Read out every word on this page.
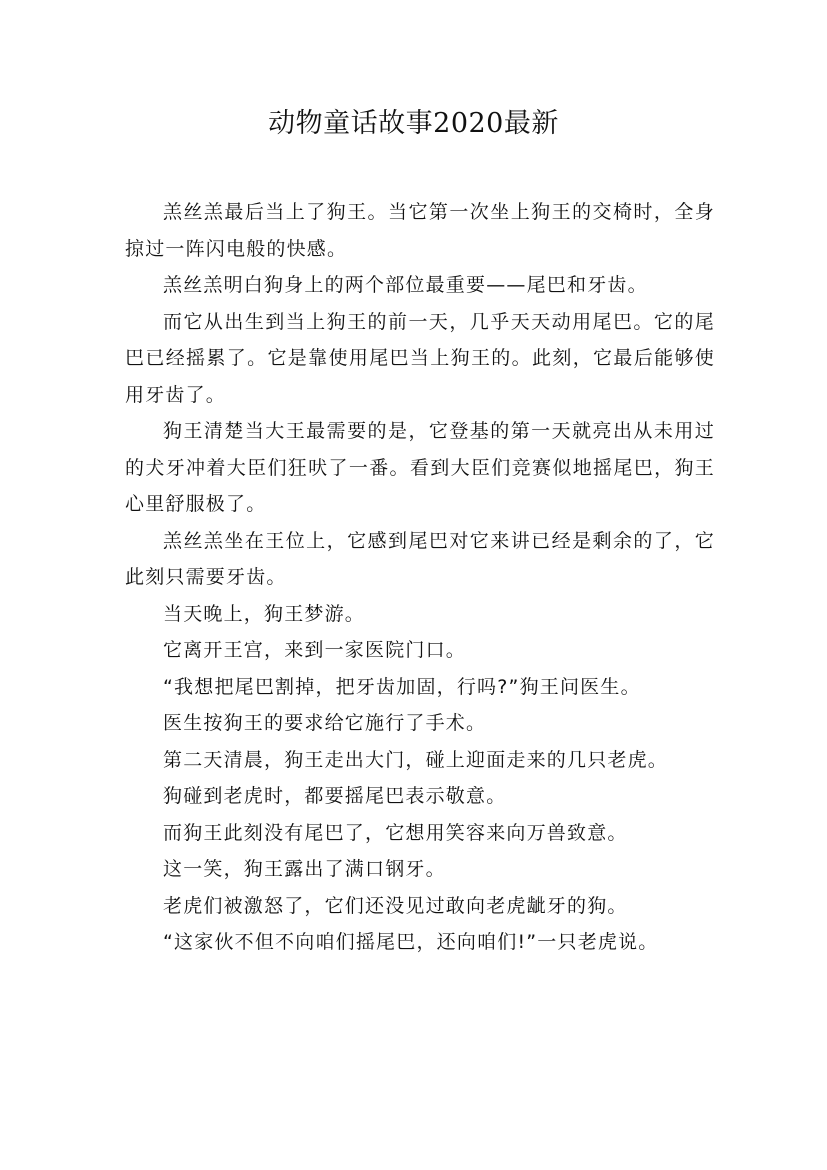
动物童话故事2020最新

羔丝羔最后当上了狗王。当它第一次坐上狗王的交椅时，全身掠过一阵闪电般的快感。

羔丝羔明白狗身上的两个部位最重要——尾巴和牙齿。

而它从出生到当上狗王的前一天，几乎天天动用尾巴。它的尾巴已经摇累了。它是靠使用尾巴当上狗王的。此刻，它最后能够使用牙齿了。

狗王清楚当大王最需要的是，它登基的第一天就亮出从未用过的犬牙冲着大臣们狂吠了一番。看到大臣们竞赛似地摇尾巴，狗王心里舒服极了。

羔丝羔坐在王位上，它感到尾巴对它来讲已经是剩余的了，它此刻只需要牙齿。

当天晚上，狗王梦游。

它离开王宫，来到一家医院门口。

“我想把尾巴割掉，把牙齿加固，行吗?”狗王问医生。

医生按狗王的要求给它施行了手术。

第二天清晨，狗王走出大门，碰上迎面走来的几只老虎。

狗碰到老虎时，都要摇尾巴表示敬意。

而狗王此刻没有尾巴了，它想用笑容来向万兽致意。

这一笑，狗王露出了满口钢牙。

老虎们被激怒了，它们还没见过敢向老虎龇牙的狗。

“这家伙不但不向咱们摇尾巴，还向咱们!”一只老虎说。
